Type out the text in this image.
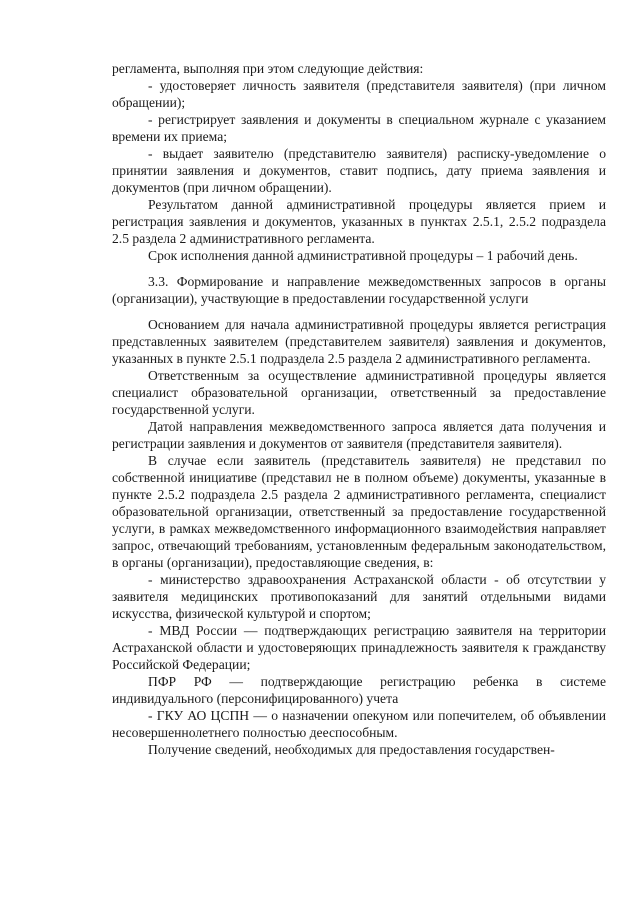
регламента, выполняя при этом следующие действия:

- удостоверяет личность заявителя (представителя заявителя) (при личном обращении);

- регистрирует заявления и документы в специальном журнале с указанием времени их приема;

- выдает заявителю (представителю заявителя) расписку-уведомление о принятии заявления и документов, ставит подпись, дату приема заявления и документов (при личном обращении).

Результатом данной административной процедуры является прием и регистрация заявления и документов, указанных в пунктах 2.5.1, 2.5.2 подраздела 2.5 раздела 2 административного регламента.

Срок исполнения данной административной процедуры – 1 рабочий день.

3.3. Формирование и направление межведомственных запросов в органы (организации), участвующие в предоставлении государственной услуги

Основанием для начала административной процедуры является регистрация представленных заявителем (представителем заявителя) заявления и документов, указанных в пункте 2.5.1 подраздела 2.5 раздела 2 административного регламента.

Ответственным за осуществление административной процедуры является специалист образовательной организации, ответственный за предоставление государственной услуги.

Датой направления межведомственного запроса является дата получения и регистрации заявления и документов от заявителя (представителя заявителя).

В случае если заявитель (представитель заявителя) не представил по собственной инициативе (представил не в полном объеме) документы, указанные в пункте 2.5.2 подраздела 2.5 раздела 2 административного регламента, специалист образовательной организации, ответственный за предоставление государственной услуги, в рамках межведомственного информационного взаимодействия направляет запрос, отвечающий требованиям, установленным федеральным законодательством, в органы (организации), предоставляющие сведения, в:

- министерство здравоохранения Астраханской области - об отсутствии у заявителя медицинских противопоказаний для занятий отдельными видами искусства, физической культурой и спортом;

- МВД России — подтверждающих регистрацию заявителя на территории Астраханской области и удостоверяющих принадлежность заявителя к гражданству Российской Федерации;

ПФР РФ — подтверждающие регистрацию ребенка в системе индивидуального (персонифицированного) учета

- ГКУ АО ЦСПН — о назначении опекуном или попечителем, об объявлении несовершеннолетнего полностью дееспособным.

Получение сведений, необходимых для предоставления государствен-
